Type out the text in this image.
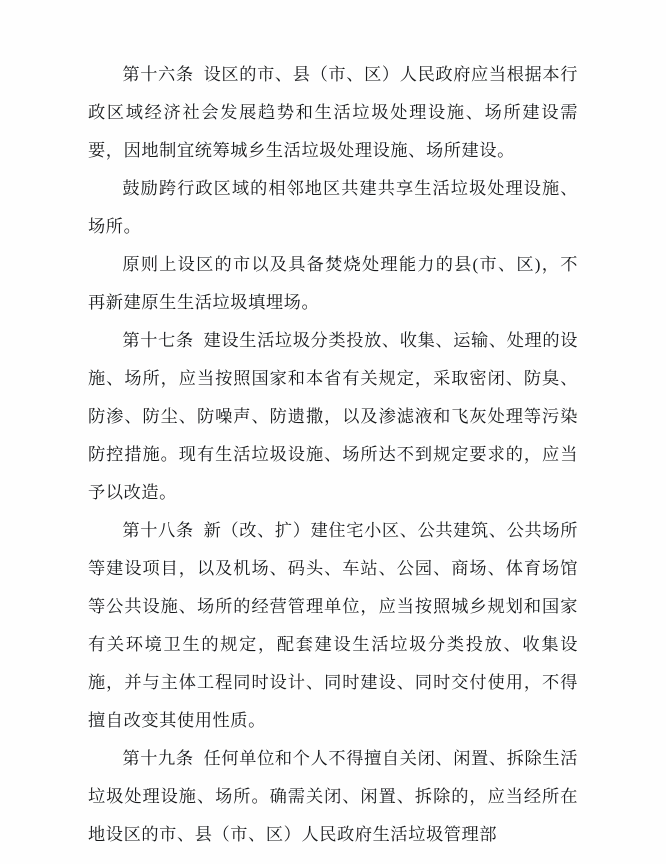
第十六条  设区的市、县（市、区）人民政府应当根据本行政区域经济社会发展趋势和生活垃圾处理设施、场所建设需要，因地制宜统筹城乡生活垃圾处理设施、场所建设。

鼓励跨行政区域的相邻地区共建共享生活垃圾处理设施、场所。

原则上设区的市以及具备焚烧处理能力的县(市、区)，不再新建原生生活垃圾填埋场。

第十七条  建设生活垃圾分类投放、收集、运输、处理的设施、场所，应当按照国家和本省有关规定，采取密闭、防臭、防渗、防尘、防噪声、防遗撒，以及渗滤液和飞灰处理等污染防控措施。现有生活垃圾设施、场所达不到规定要求的，应当予以改造。

第十八条  新（改、扩）建住宅小区、公共建筑、公共场所等建设项目，以及机场、码头、车站、公园、商场、体育场馆等公共设施、场所的经营管理单位，应当按照城乡规划和国家有关环境卫生的规定，配套建设生活垃圾分类投放、收集设施，并与主体工程同时设计、同时建设、同时交付使用，不得擅自改变其使用性质。

第十九条  任何单位和个人不得擅自关闭、闲置、拆除生活垃圾处理设施、场所。确需关闭、闲置、拆除的，应当经所在地设区的市、县（市、区）人民政府生活垃圾管理部
